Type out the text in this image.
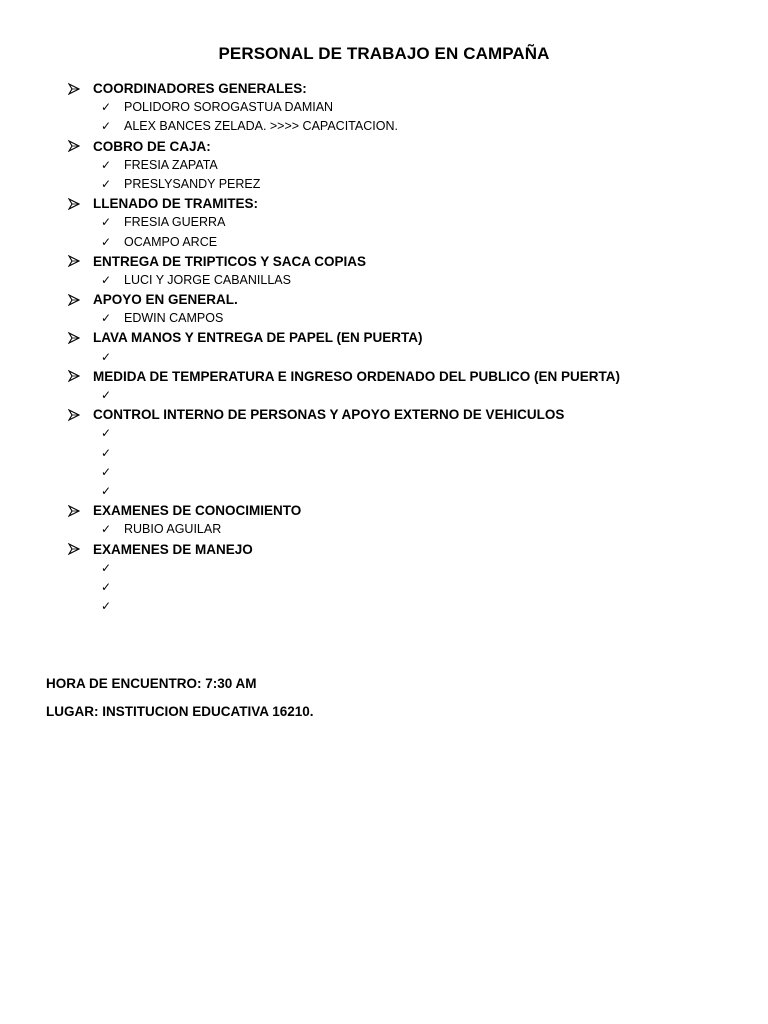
PERSONAL DE TRABAJO EN CAMPAÑA
COORDINADORES GENERALES:
✓	POLIDORO SOROGASTUA DAMIAN
✓	ALEX BANCES ZELADA. >>>> CAPACITACION.
COBRO DE CAJA:
✓	FRESIA ZAPATA
✓	PRESLYSANDY PEREZ
LLENADO DE TRAMITES:
✓	FRESIA GUERRA
✓	OCAMPO ARCE
ENTREGA DE TRIPTICOS Y SACA COPIAS
✓	LUCI Y JORGE CABANILLAS
APOYO EN GENERAL.
✓	EDWIN CAMPOS
LAVA MANOS Y ENTREGA DE PAPEL (EN PUERTA)
✓
MEDIDA DE TEMPERATURA E INGRESO ORDENADO DEL PUBLICO (EN PUERTA)
✓
CONTROL INTERNO DE PERSONAS Y APOYO EXTERNO DE VEHICULOS
✓
✓
✓
✓
EXAMENES DE CONOCIMIENTO
✓	RUBIO AGUILAR
EXAMENES DE MANEJO
✓
✓
✓
HORA DE ENCUENTRO: 7:30 AM
LUGAR: INSTITUCION EDUCATIVA 16210.
